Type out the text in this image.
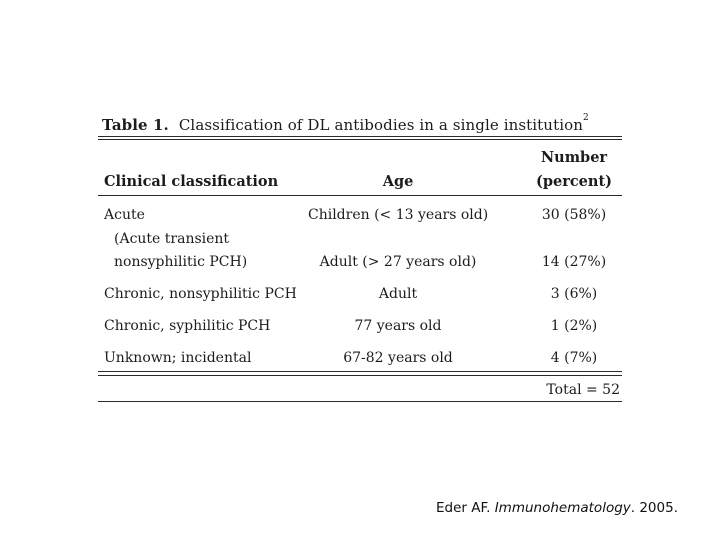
Table 1. Classification of DL antibodies in a single institution$^2$
Number
Clinical classification	Age	(percent)
Acute	Children (< 13 years old)	30 (58%)
(Acute transient
nonsyphilitic PCH)	Adult (> 27 years old)	14 (27%)
Chronic, nonsyphilitic PCH	Adult	3 (6%)
Chronic, syphilitic PCH	77 years old	1 (2%)
Unknown; incidental	67-82 years old	4 (7%)
Total = 52
Eder AF. Immunohematology. 2005.
